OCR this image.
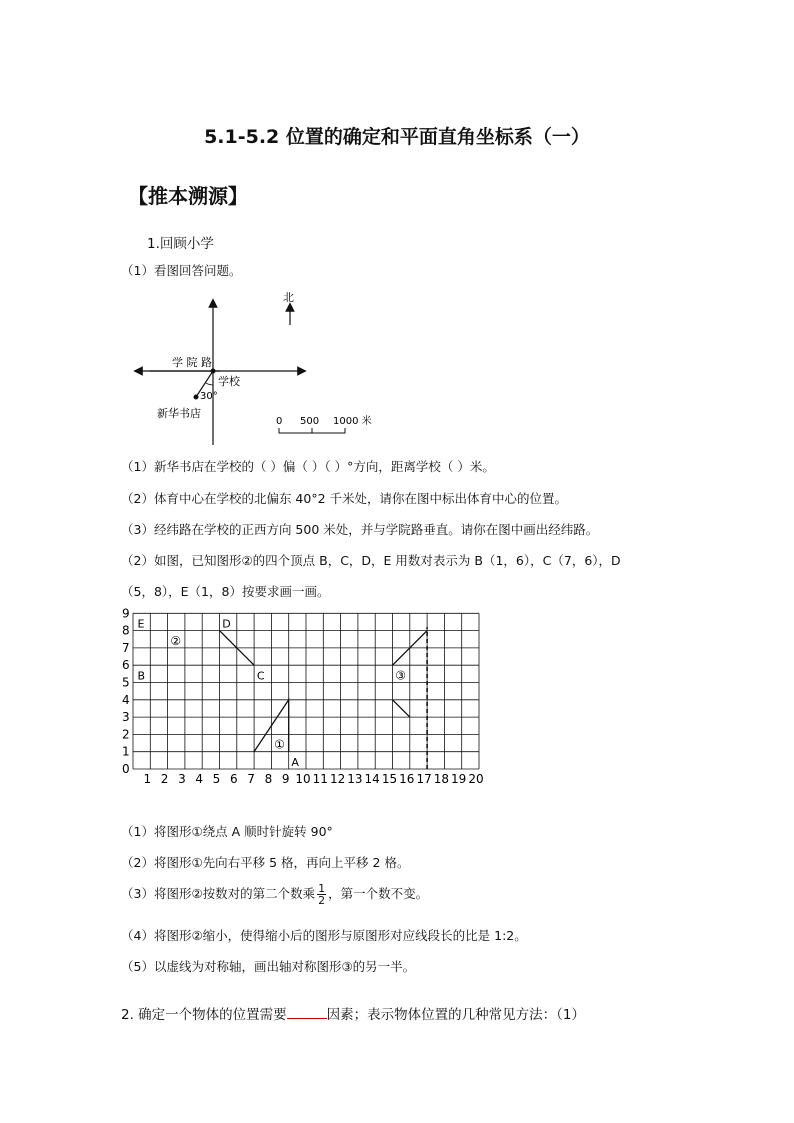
5.1-5.2 位置的确定和平面直角坐标系（一）
【推本溯源】
1.回顾小学
（1）看图回答问题。
北
学 院 路
学校
30°
新华书店
0 500 1000 米
（1）新华书店在学校的（ ）偏（ ）（ ）°方向，距离学校（ ）米。
（2）体育中心在学校的北偏东 40°2 千米处，请你在图中标出体育中心的位置。
（3）经纬路在学校的正西方向 500 米处，并与学院路垂直。请你在图中画出经纬路。
（2）如图，已知图形②的四个顶点 B，C，D，E 用数对表示为 B（1，6），C（7，6），D
（5，8），E（1，8）按要求画一画。
0
1
2
3
4
5
6
7
8
9
1 2 3 4 5 6 7 8 9 10 11 12 13 14 15 16 17 18 19 20
E
B
D
C
A
①
②
③
（1）将图形①绕点 A 顺时针旋转 90°
（2）将图形①先向右平移 5 格，再向上平移 2 格。
（3）将图形②按数对的第二个数乘 $\frac{1}{2}$ ，第一个数不变。
（4）将图形②缩小，使得缩小后的图形与原图形对应线段长的比是 1:2。
（5）以虚线为对称轴，画出轴对称图形③的另一半。
2. 确定一个物体的位置需要	因素；表示物体位置的几种常见方法：（1）
